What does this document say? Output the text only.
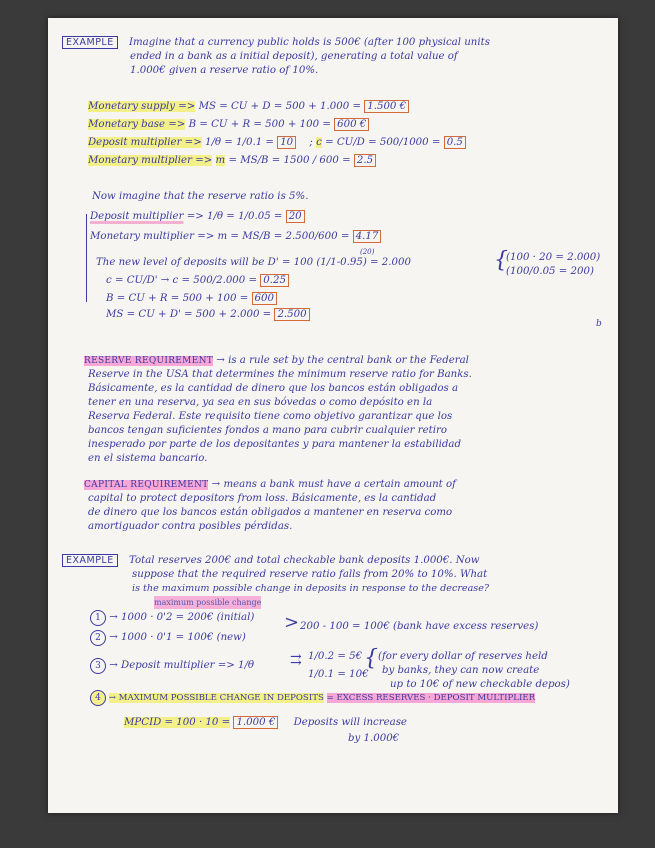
EXAMPLE Imagine that a currency public holds is 500€ (after 100 physical units
ended in a bank as a initial deposit), generating a total value of
1.000€ given a reserve ratio of 10%.
Monetary supply => MS = CU + D = 500 + 1.000 = 1.500 €
Monetary base => B = CU + R = 500 + 100 = 600 €
Deposit multiplier => 1/θ = 1/0.1 = 10 ; c = CU/D = 500/1000 = 0.5
Monetary multiplier => m = MS/B = 1500 / 600 = 2.5
Now imagine that the reserve ratio is 5%.
Deposit multiplier => 1/θ = 1/0.05 = 20
Monetary multiplier => m = MS/B = 2.500/600 = 4.17
(20)
The new level of deposits will be D' = 100 (1/1-0.95) = 2.000	{
(100 · 20 = 2.000)
(100/0.05 = 200)
c = CU/D' → c = 500/2.000 = 0.25
B = CU + R = 500 + 100 = 600
MS = CU + D' = 500 + 2.000 = 2.500
b
RESERVE REQUIREMENT → is a rule set by the central bank or the Federal
Reserve in the USA that determines the minimum reserve ratio for Banks.
Básicamente, es la cantidad de dinero que los bancos están obligados a
tener en una reserva, ya sea en sus bóvedas o como depósito en la
Reserva Federal. Este requisito tiene como objetivo garantizar que los
bancos tengan suficientes fondos a mano para cubrir cualquier retiro
inesperado por parte de los depositantes y para mantener la estabilidad
en el sistema bancario.
CAPITAL REQUIREMENT → means a bank must have a certain amount of
capital to protect depositors from loss. Básicamente, es la cantidad
de dinero que los bancos están obligados a mantener en reserva como
amortiguador contra posibles pérdidas.
EXAMPLE Total reserves 200€ and total checkable bank deposits 1.000€. Now
suppose that the required reserve ratio falls from 20% to 10%. What
is the maximum possible change in deposits in response to the decrease?
maximum possible change
1 → 1000 · 0'2 = 200€ (initial)
2 → 1000 · 0'1 = 100€ (new)
> 200 - 100 = 100€ (bank have excess reserves)
3 → Deposit multiplier => 1/θ	⇉ 1/0.2 = 5€
1/0.1 = 10€
{ (for every dollar of reserves held
by banks, they can now create
up to 10€ of new checkable depos)
4 → MAXIMUM POSSIBLE CHANGE IN DEPOSITS = EXCESS RESERVES · DEPOSIT MULTIPLIER
MPCID = 100 · 10 = 1.000 € Deposits will increase
by 1.000€
